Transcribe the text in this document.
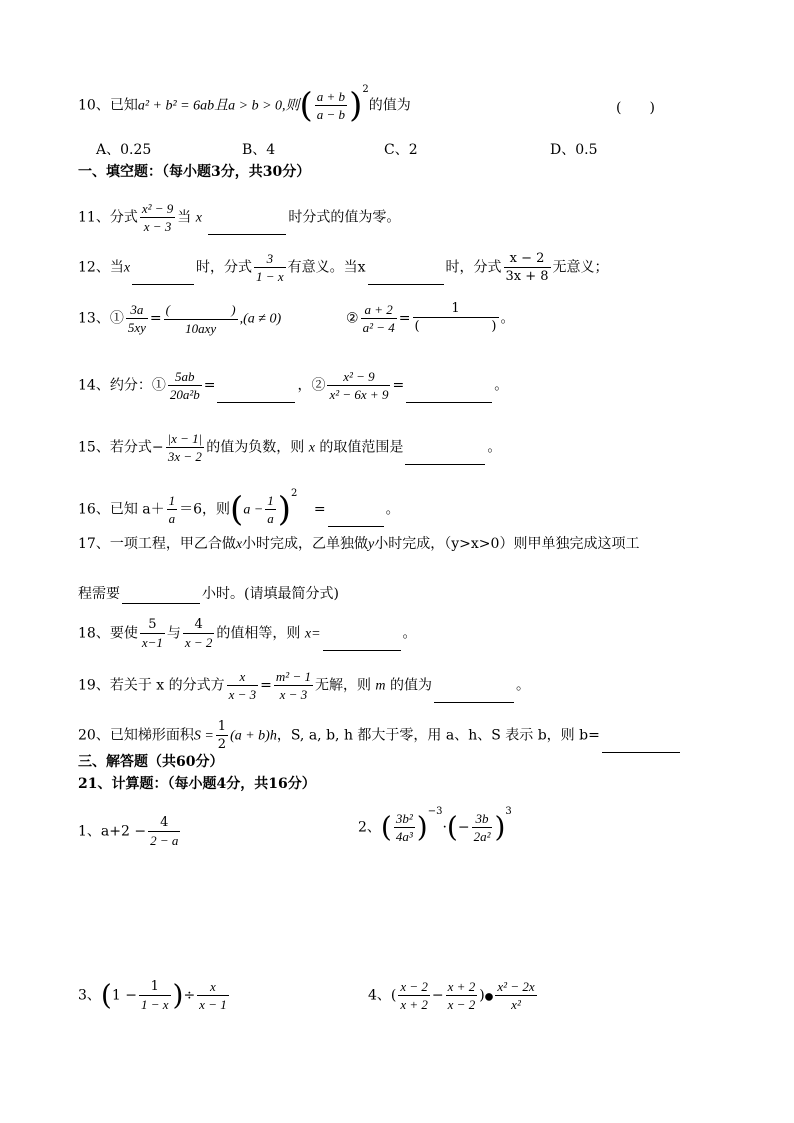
10、已知a² + b² = 6ab且a > b > 0,则( $\frac{a + b}{a - b} )^2$的值为	(　　)
A、0.25	B、4	C、2	D、0.5
一、填空题：（每小题3分，共30分）
11、分式 $\frac{\text{x² − 9}}{x - 3}$ 当 x	时分式的值为零。
12、当x	时，分式 $\frac{3}{1 - x}$ 有意义。当x	时，分式 $\frac{x - 2}{3x + 8}$ 无意义；
13、① $\frac{3a}{5xy}$ =
( )
10axy
,(a ≠ 0)	② $\frac{a + 2}{\text{a² − 4}}$ =
1
( )
。
14、约分：① $\frac{5ab}{\text{20a²b}}$ =	，② $\frac{\text{x² − 9}}{\text{x² − 6x + 9}}$ =	。
15、若分式− $\frac{|x - 1|}{3x - 2}$ 的值为负数，则 x 的取值范围是	。
16、已知 $a+ \frac{1}{a} =6$，则$(a - \frac{1}{a} )^2$ =	。
17、一项工程，甲乙合做x小时完成，乙单独做y小时完成，（y>x>0）则甲单独完成这项工
程需要	小时。(请填最简分式)
18、要使 $\frac{5}{x-1}$ 与 $\frac{4}{x - 2}$ 的值相等，则 x=	。
19、若关于 x 的分式方 $\frac{x}{x - 3} = \frac{\text{m² − 1}}{x - 3}$ 无解，则 m 的值为	。
20、已知梯形面积$S = \frac{1}{2} (a + b)h$，S, a, b, h 都大于零，用 a、h、S 表示 b，则 b=
三、解答题（共60分）
21、计算题：（每小题4分，共16分）
1、$a+2 - \frac{4}{2 - a}$	2、( $\frac{\text{3b²}}{\text{4a³}} )^{-3}\cdot(- \frac{3b}{\text{2a²}} )^3$
3、($1 - \frac{1}{1 - x}$ )÷ $\frac{x}{x - 1}$	4、( $\frac{x - 2}{x + 2} - \frac{x + 2}{x - 2}$ )● $\frac{\text{x² − 2x}}{\text{x²}}$
